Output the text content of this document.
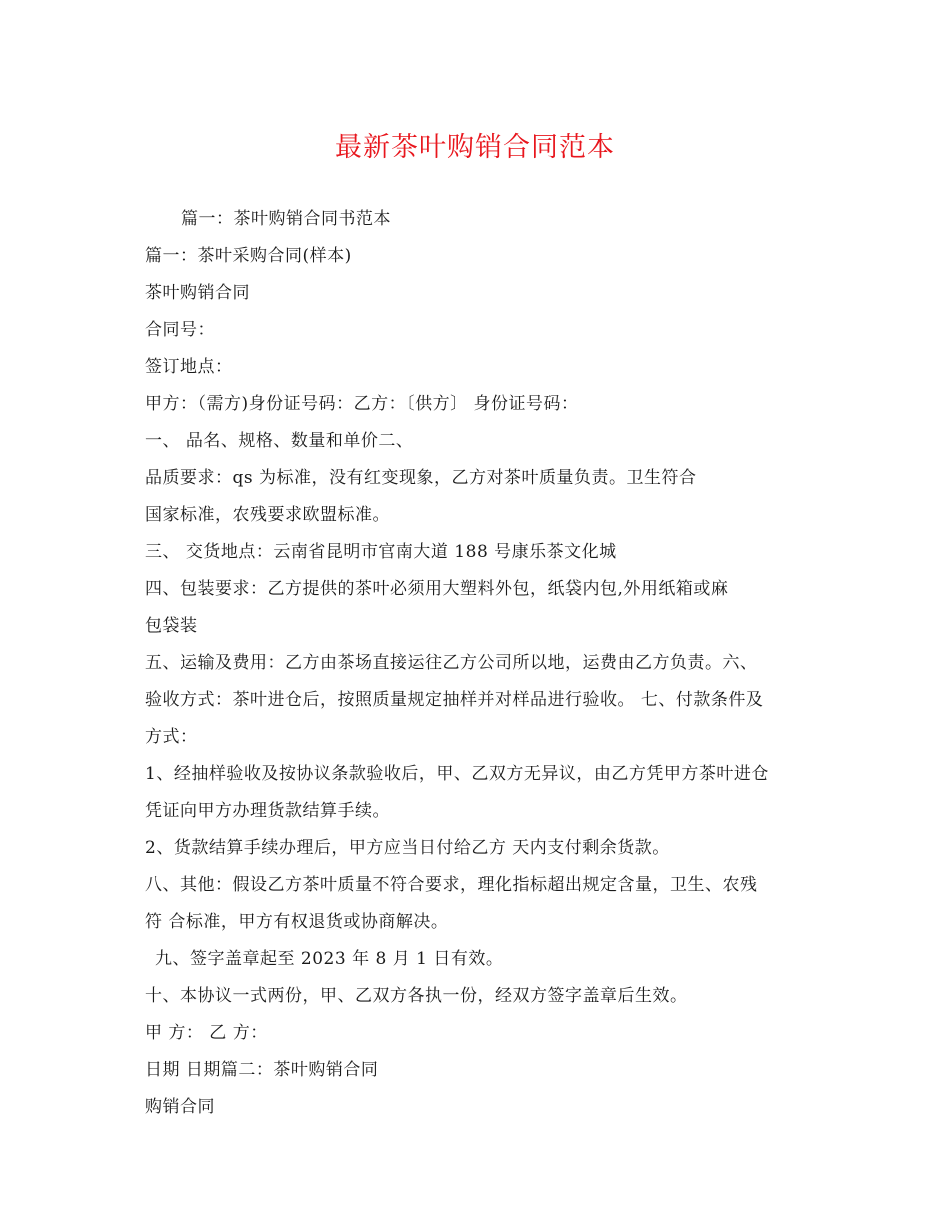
最新茶叶购销合同范本
篇一：茶叶购销合同书范本
篇一：茶叶采购合同(样本)
茶叶购销合同
合同号：
签订地点：
甲方：（需方)身份证号码：乙方：〔供方〕 身份证号码：
一、 品名、规格、数量和单价二、
品质要求：qs 为标准，没有红变现象，乙方对茶叶质量负责。卫生符合
国家标准，农残要求欧盟标准。
三、 交货地点：云南省昆明市官南大道 188 号康乐茶文化城
四、包装要求：乙方提供的茶叶必须用大塑料外包，纸袋内包,外用纸箱或麻
包袋装
五、运输及费用：乙方由茶场直接运往乙方公司所以地，运费由乙方负责。六、
验收方式：茶叶进仓后，按照质量规定抽样并对样品进行验收。 七、付款条件及
方式：
1、经抽样验收及按协议条款验收后，甲、乙双方无异议，由乙方凭甲方茶叶进仓
凭证向甲方办理货款结算手续。
2、货款结算手续办理后，甲方应当日付给乙方 天内支付剩余货款。
八、其他：假设乙方茶叶质量不符合要求，理化指标超出规定含量，卫生、农残
符 合标准，甲方有权退货或协商解决。
九、签字盖章起至 2023 年 8 月 1 日有效。
十、本协议一式两份，甲、乙双方各执一份，经双方签字盖章后生效。
甲 方： 乙 方：
日期 日期篇二：茶叶购销合同
购销合同
